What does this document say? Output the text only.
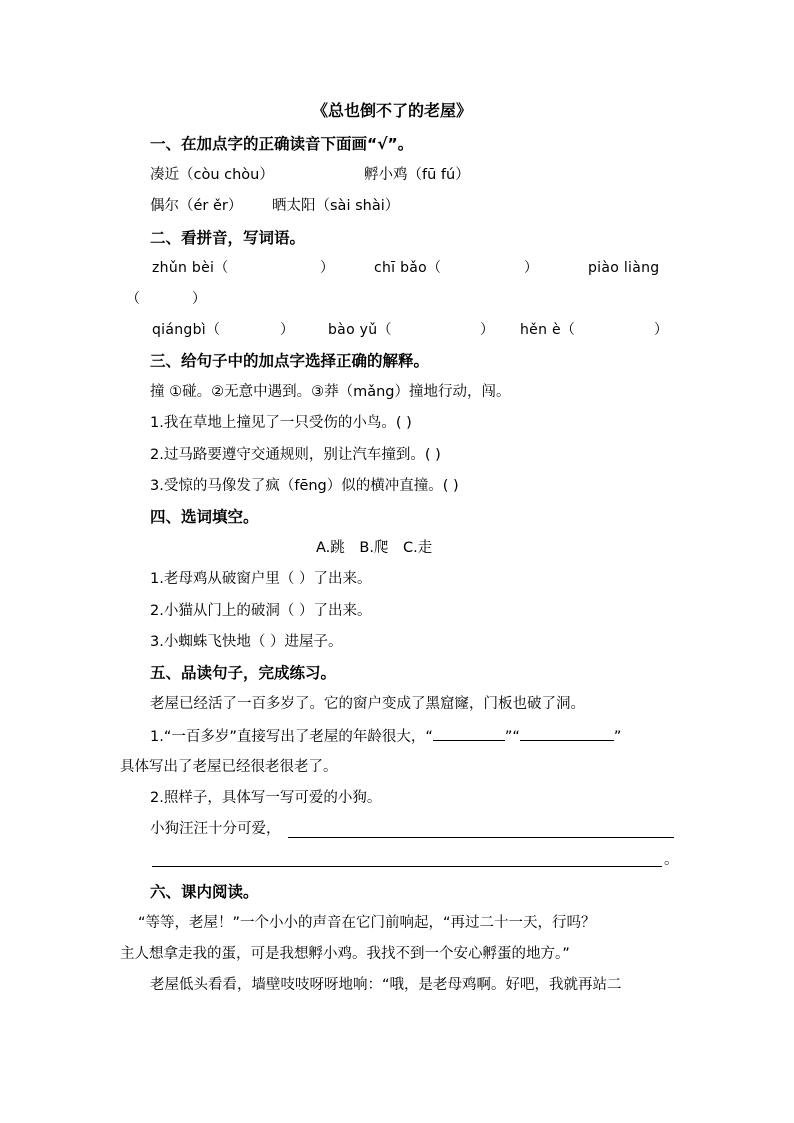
《总也倒不了的老屋》
一、在加点字的正确读音下面画“√”。
凑近（còu chòu）	孵小鸡（fū fú）
偶尔（ér ěr） 晒太阳（sài shài）
二、看拼音，写词语。
zhǔn bèi（	）	chī bǎo（	）	piào liàng
（	）
qiángbì（	） bào yǔ（	） hěn è（	）
三、给句子中的加点字选择正确的解释。
撞 ①碰。②无意中遇到。③莽（mǎng）撞地行动，闯。
1.我在草地上撞见了一只受伤的小鸟。( )
2.过马路要遵守交通规则，别让汽车撞到。( )
3.受惊的马像发了疯（fēng）似的横冲直撞。( )
四、选词填空。
A.跳 B.爬 C.走
1.老母鸡从破窗户里（ ）了出来。
2.小猫从门上的破洞（ ）了出来。
3.小蜘蛛飞快地（ ）进屋子。
五、品读句子，完成练习。
老屋已经活了一百多岁了。它的窗户变成了黑窟窿，门板也破了洞。
1.“一百多岁”直接写出了老屋的年龄很大，“	”“	”
具体写出了老屋已经很老很老了。
2.照样子，具体写一写可爱的小狗。
小狗汪汪十分可爱，
。
六、课内阅读。
“等等，老屋！”一个小小的声音在它门前响起，“再过二十一天，行吗？
主人想拿走我的蛋，可是我想孵小鸡。我找不到一个安心孵蛋的地方。”
老屋低头看看，墙壁吱吱呀呀地响：“哦，是老母鸡啊。好吧，我就再站二
